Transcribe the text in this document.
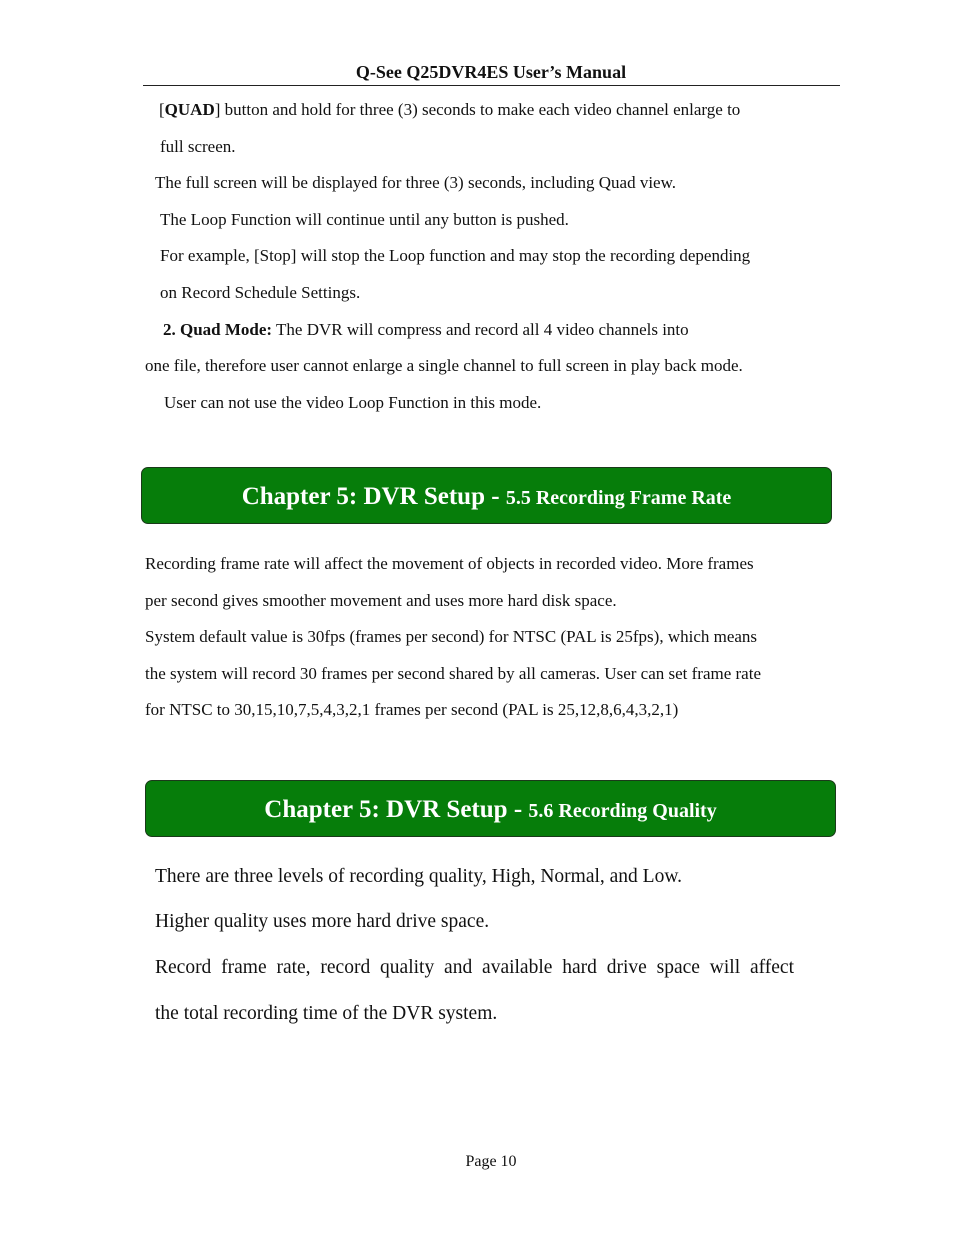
Q-See Q25DVR4ES User’s Manual
[QUAD] button and hold for three (3) seconds to make each video channel enlarge to
full screen.
The full screen will be displayed for three (3) seconds, including Quad view.
The Loop Function will continue until any button is pushed.
For example, [Stop] will stop the Loop function and may stop the recording depending
on Record Schedule Settings.
2. Quad Mode: The DVR will compress and record all 4 video channels into
one file, therefore user cannot enlarge a single channel to full screen in play back mode.
User can not use the video Loop Function in this mode.
Chapter 5: DVR Setup - 5.5 Recording Frame Rate
Recording frame rate will affect the movement of objects in recorded video. More frames
per second gives smoother movement and uses more hard disk space.
System default value is 30fps (frames per second) for NTSC (PAL is 25fps), which means
the system will record 30 frames per second shared by all cameras. User can set frame rate
for NTSC to 30,15,10,7,5,4,3,2,1 frames per second (PAL is 25,12,8,6,4,3,2,1)
Chapter 5: DVR Setup - 5.6 Recording Quality
There are three levels of recording quality, High, Normal, and Low.
Higher quality uses more hard drive space.
Record frame rate, record quality and available hard drive space will affect
the total recording time of the DVR system.
Page 10
